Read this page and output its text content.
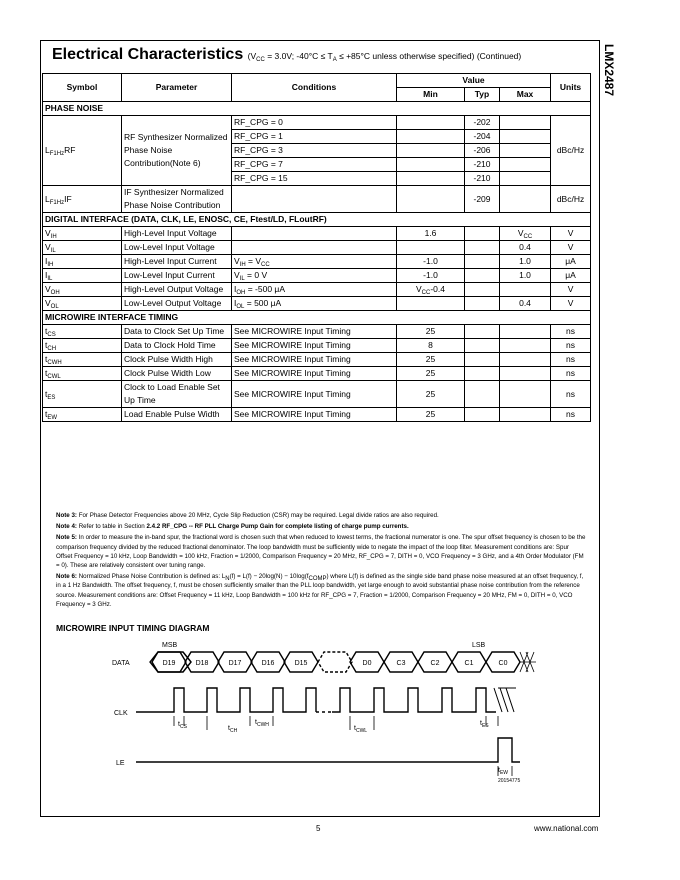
LMX2487
Electrical Characteristics ($V_{CC} = 3.0V$; $-40^\circ C \le T_A \le +85^\circ C$ unless otherwise specified) (Continued)
Symbol	Parameter	Conditions	Value			Units
			Min	Typ	Max	
PHASE NOISE						
$L_{F1Hz}RF$	RF Synthesizer Normalized Phase Noise Contribution(Note 6)	RF_CPG = 0		-202		dBc/Hz
		RF_CPG = 1		-204		
		RF_CPG = 3		-206		
		RF_CPG = 7		-210		
		RF_CPG = 15		-210		
$L_{F1Hz}IF$	IF Synthesizer Normalized Phase Noise Contribution			-209		dBc/Hz
DIGITAL INTERFACE (DATA, CLK, LE, ENOSC, CE, Ftest/LD, FLoutRF)						
$V_{IH}$	High-Level Input Voltage		1.6		$V_{CC}$	V
$V_{IL}$	Low-Level Input Voltage				0.4	V
$I_{IH}$	High-Level Input Current	$V_{IH} = V_{CC}$	-1.0		1.0	μA
$I_{IL}$	Low-Level Input Current	$V_{IL} = 0$ V	-1.0		1.0	μA
$V_{OH}$	High-Level Output Voltage	$I_{OH} = -500$ μA	$V_{CC}-0.4$			V
$V_{OL}$	Low-Level Output Voltage	$I_{OL} = 500$ μA			0.4	V
MICROWIRE INTERFACE TIMING						
$t_{CS}$	Data to Clock Set Up Time	See MICROWIRE Input Timing	25			ns
$t_{CH}$	Data to Clock Hold Time	See MICROWIRE Input Timing	8			ns
$t_{CWH}$	Clock Pulse Width High	See MICROWIRE Input Timing	25			ns
$t_{CWL}$	Clock Pulse Width Low	See MICROWIRE Input Timing	25			ns
$t_{ES}$	Clock to Load Enable Set Up Time	See MICROWIRE Input Timing	25			ns
$t_{EW}$	Load Enable Pulse Width	See MICROWIRE Input Timing	25			ns

Note 3: For Phase Detector Frequencies above 20 MHz, Cycle Slip Reduction (CSR) may be required. Legal divide ratios are also required.

Note 4: Refer to table in Section 2.4.2 RF_CPG -- RF PLL Charge Pump Gain for complete listing of charge pump currents.

Note 5: In order to measure the in-band spur, the fractional word is chosen such that when reduced to lowest terms, the fractional numerator is one. The spur offset frequency is chosen to be the comparison frequency divided by the reduced fractional denominator. The loop bandwidth must be sufficiently wide to negate the impact of the loop filter. Measurement conditions are: Spur Offset Frequency = 10 kHz, Loop Bandwidth = 100 kHz, Fraction = 1/2000, Comparison Frequency = 20 MHz, RF_CPG = 7, DITH = 0, VCO Frequency = 3 GHz, and a 4th Order Modulator (FM = 0). These are relatively consistent over tuning range.

Note 6: Normalized Phase Noise Contribution is defined as: $L_N(f) = L(f) - 20\log(N) - 10\log(f_{COMP})$ where L(f) is defined as the single side band phase noise measured at an offset frequency, f, in a 1 Hz Bandwidth. The offset frequency, f, must be chosen sufficiently smaller than the PLL loop bandwidth, yet large enough to avoid substantial phase noise contribution from the reference source. Measurement conditions are: Offset Frequency = 11 kHz, Loop Bandwidth = 100 kHz for RF_CPG = 7, Fraction = 1/2000, Comparison Frequency = 20 MHz, FM = 0, DITH = 0, VCO Frequency = 3 GHz.

MICROWIRE INPUT TIMING DIAGRAM
D19	D18	D17	D16	D15	D0	C3	C2	C1	C0
MSB	LSB
DATA
CLK
LE
$t_{CS}$	$t_{CH}$
$t_{CWH}$	$t_{CWL}$
$t_{ES}$
$t_{EW}$
20154775
5	www.national.com
